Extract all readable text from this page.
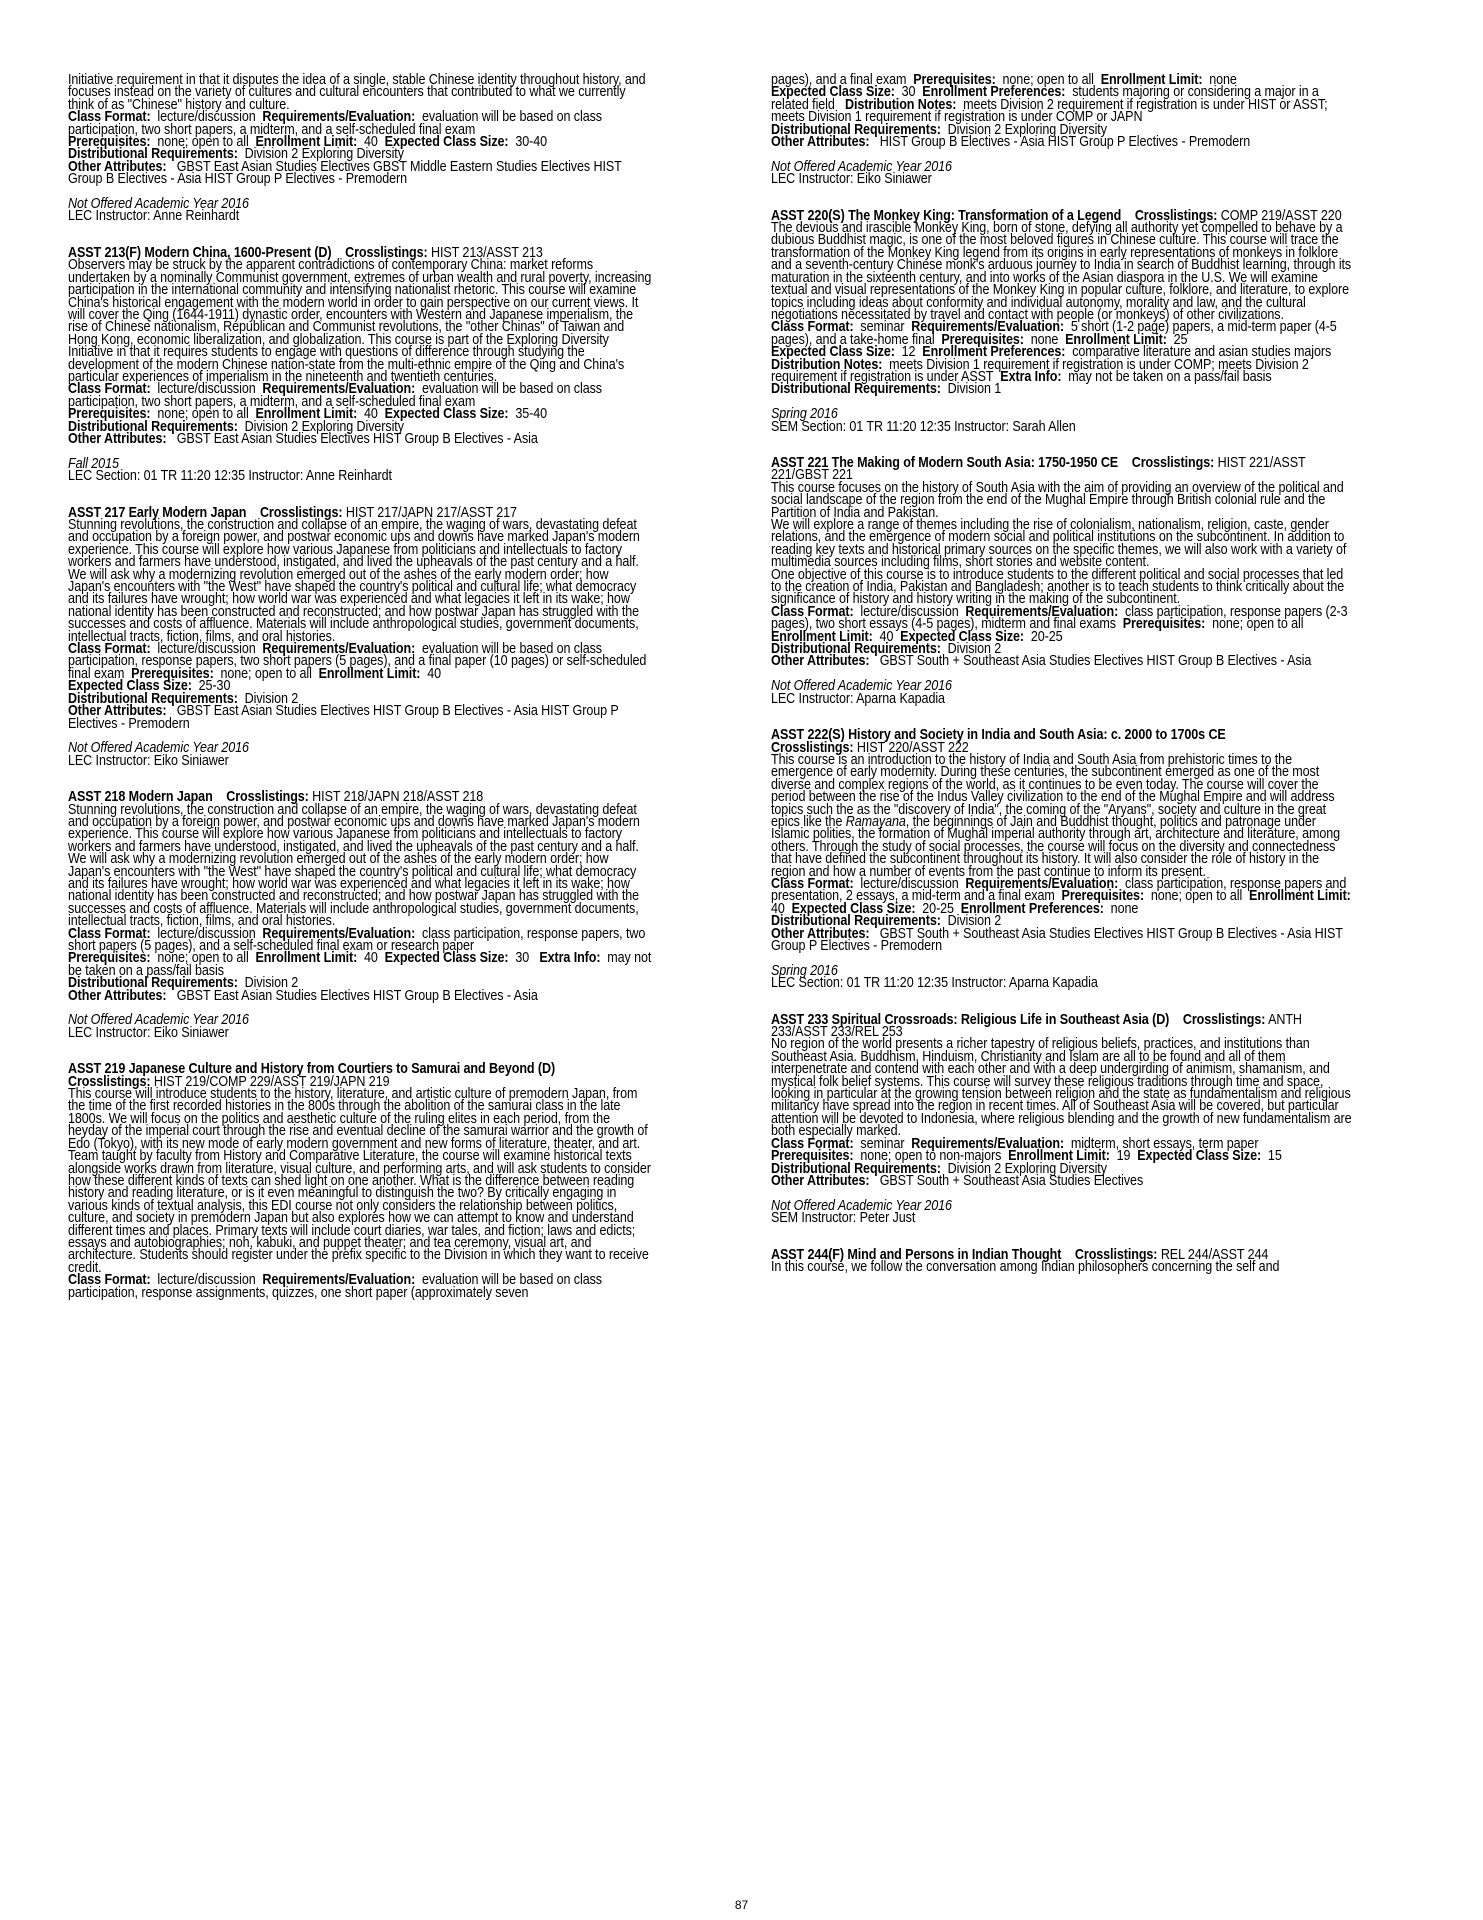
Initiative requirement in that it disputes the idea of a single, stable Chinese identity throughout history, and focuses instead on the variety of cultures and cultural encounters that contributed to what we currently think of as "Chinese" history and culture.

Class Format: lecture/discussion Requirements/Evaluation: evaluation will be based on class participation, two short papers, a midterm, and a self-scheduled final exam
Prerequisites: none; open to all Enrollment Limit: 40 Expected Class Size: 30-40
Distributional Requirements: Division 2 Exploring Diversity
Other Attributes: GBST East Asian Studies Electives GBST Middle Eastern Studies Electives HIST Group B Electives - Asia HIST Group P Electives - Premodern

Not Offered Academic Year 2016
LEC Instructor: Anne Reinhardt
ASST 213(F) Modern China, 1600-Present (D) Crosslistings: HIST 213/ASST 213

Observers may be struck by the apparent contradictions of contemporary China: market reforms undertaken by a nominally Communist government, extremes of urban wealth and rural poverty, increasing participation in the international community and intensifying nationalist rhetoric. This course will examine China's historical engagement with the modern world in order to gain perspective on our current views. It will cover the Qing (1644-1911) dynastic order, encounters with Western and Japanese imperialism, the rise of Chinese nationalism, Republican and Communist revolutions, the "other Chinas" of Taiwan and Hong Kong, economic liberalization, and globalization. This course is part of the Exploring Diversity Initiative in that it requires students to engage with questions of difference through studying the development of the modern Chinese nation-state from the multi-ethnic empire of the Qing and China's particular experiences of imperialism in the nineteenth and twentieth centuries.

Class Format: lecture/discussion Requirements/Evaluation: evaluation will be based on class participation, two short papers, a midterm, and a self-scheduled final exam
Prerequisites: none; open to all Enrollment Limit: 40 Expected Class Size: 35-40
Distributional Requirements: Division 2 Exploring Diversity
Other Attributes: GBST East Asian Studies Electives HIST Group B Electives - Asia

Fall 2015
LEC Section: 01 TR 11:20 12:35 Instructor: Anne Reinhardt
ASST 217 Early Modern Japan Crosslistings: HIST 217/JAPN 217/ASST 217

Stunning revolutions, the construction and collapse of an empire, the waging of wars, devastating defeat and occupation by a foreign power, and postwar economic ups and downs have marked Japan's modern experience. This course will explore how various Japanese from politicians and intellectuals to factory workers and farmers have understood, instigated, and lived the upheavals of the past century and a half. We will ask why a modernizing revolution emerged out of the ashes of the early modern order; how Japan's encounters with "the West" have shaped the country's political and cultural life; what democracy and its failures have wrought; how world war was experienced and what legacies it left in its wake; how national identity has been constructed and reconstructed; and how postwar Japan has struggled with the successes and costs of affluence. Materials will include anthropological studies, government documents, intellectual tracts, fiction, films, and oral histories.

Class Format: lecture/discussion Requirements/Evaluation: evaluation will be based on class participation, response papers, two short papers (5 pages), and a final paper (10 pages) or self-scheduled final exam Prerequisites: none; open to all Enrollment Limit: 40
Expected Class Size: 25-30
Distributional Requirements: Division 2
Other Attributes: GBST East Asian Studies Electives HIST Group B Electives - Asia HIST Group P Electives - Premodern

Not Offered Academic Year 2016
LEC Instructor: Eiko Siniawer
ASST 218 Modern Japan Crosslistings: HIST 218/JAPN 218/ASST 218

Stunning revolutions, the construction and collapse of an empire, the waging of wars, devastating defeat and occupation by a foreign power, and postwar economic ups and downs have marked Japan's modern experience. This course will explore how various Japanese from politicians and intellectuals to factory workers and farmers have understood, instigated, and lived the upheavals of the past century and a half. We will ask why a modernizing revolution emerged out of the ashes of the early modern order; how Japan's encounters with "the West" have shaped the country's political and cultural life; what democracy and its failures have wrought; how world war was experienced and what legacies it left in its wake; how national identity has been constructed and reconstructed; and how postwar Japan has struggled with the successes and costs of affluence. Materials will include anthropological studies, government documents, intellectual tracts, fiction, films, and oral histories.

Class Format: lecture/discussion Requirements/Evaluation: class participation, response papers, two short papers (5 pages), and a self-scheduled final exam or research paper
Prerequisites: none; open to all Enrollment Limit: 40 Expected Class Size: 30 Extra Info: may not be taken on a pass/fail basis
Distributional Requirements: Division 2
Other Attributes: GBST East Asian Studies Electives HIST Group B Electives - Asia

Not Offered Academic Year 2016
LEC Instructor: Eiko Siniawer
ASST 219 Japanese Culture and History from Courtiers to Samurai and Beyond (D)
Crosslistings: HIST 219/COMP 229/ASST 219/JAPN 219

This course will introduce students to the history, literature, and artistic culture of premodern Japan, from the time of the first recorded histories in the 800s through the abolition of the samurai class in the late 1800s. We will focus on the politics and aesthetic culture of the ruling elites in each period, from the heyday of the imperial court through the rise and eventual decline of the samurai warrior and the growth of Edo (Tokyo), with its new mode of early modern government and new forms of literature, theater, and art. Team taught by faculty from History and Comparative Literature, the course will examine historical texts alongside works drawn from literature, visual culture, and performing arts, and will ask students to consider how these different kinds of texts can shed light on one another. What is the difference between reading history and reading literature, or is it even meaningful to distinguish the two? By critically engaging in various kinds of textual analysis, this EDI course not only considers the relationship between politics, culture, and society in premodern Japan but also explores how we can attempt to know and understand different times and places. Primary texts will include court diaries, war tales, and fiction; laws and edicts; essays and autobiographies; noh, kabuki, and puppet theater; and tea ceremony, visual art, and architecture. Students should register under the prefix specific to the Division in which they want to receive credit.

Class Format: lecture/discussion Requirements/Evaluation: evaluation will be based on class participation, response assignments, quizzes, one short paper (approximately seven
pages), and a final exam Prerequisites: none; open to all Enrollment Limit: none
Expected Class Size: 30 Enrollment Preferences: students majoring or considering a major in a related field Distribution Notes: meets Division 2 requirement if registration is under HIST or ASST; meets Division 1 requirement if registration is under COMP or JAPN
Distributional Requirements: Division 2 Exploring Diversity
Other Attributes: HIST Group B Electives - Asia HIST Group P Electives - Premodern

Not Offered Academic Year 2016
LEC Instructor: Eiko Siniawer
ASST 220(S) The Monkey King: Transformation of a Legend Crosslistings: COMP 219/ASST 220

The devious and irascible Monkey King, born of stone, defying all authority yet compelled to behave by a dubious Buddhist magic, is one of the most beloved figures in Chinese culture. This course will trace the transformation of the Monkey King legend from its origins in early representations of monkeys in folklore and a seventh-century Chinese monk's arduous journey to India in search of Buddhist learning, through its maturation in the sixteenth century, and into works of the Asian diaspora in the U.S. We will examine textual and visual representations of the Monkey King in popular culture, folklore, and literature, to explore topics including ideas about conformity and individual autonomy, morality and law, and the cultural negotiations necessitated by travel and contact with people (or monkeys) of other civilizations.

Class Format: seminar Requirements/Evaluation: 5 short (1-2 page) papers, a mid-term paper (4-5 pages), and a take-home final Prerequisites: none Enrollment Limit: 25
Expected Class Size: 12 Enrollment Preferences: comparative literature and asian studies majors   Distribution Notes: meets Division 1 requirement if registration is under COMP; meets Division 2 requirement if registration is under ASST Extra Info: may not be taken on a pass/fail basis
Distributional Requirements: Division 1

Spring 2016
SEM Section: 01 TR 11:20 12:35 Instructor: Sarah Allen
ASST 221 The Making of Modern South Asia: 1750-1950 CE Crosslistings: HIST 221/ASST 221/GBST 221

This course focuses on the history of South Asia with the aim of providing an overview of the political and social landscape of the region from the end of the Mughal Empire through British colonial rule and the Partition of India and Pakistan.
We will explore a range of themes including the rise of colonialism, nationalism, religion, caste, gender relations, and the emergence of modern social and political institutions on the subcontinent. In addition to reading key texts and historical primary sources on the specific themes, we will also work with a variety of multimedia sources including films, short stories and website content.
One objective of this course is to introduce students to the different political and social processes that led to the creation of India, Pakistan and Bangladesh; another is to teach students to think critically about the significance of history and history writing in the making of the subcontinent.

Class Format: lecture/discussion Requirements/Evaluation: class participation, response papers (2-3 pages), two short essays (4-5 pages), midterm and final exams Prerequisites: none; open to all  Enrollment Limit: 40 Expected Class Size: 20-25
Distributional Requirements: Division 2
Other Attributes: GBST South + Southeast Asia Studies Electives HIST Group B Electives - Asia

Not Offered Academic Year 2016
LEC Instructor: Aparna Kapadia
ASST 222(S) History and Society in India and South Asia: c. 2000 to 1700s CE
Crosslistings: HIST 220/ASST 222

This course is an introduction to the history of India and South Asia from prehistoric times to the emergence of early modernity. During these centuries, the subcontinent emerged as one of the most diverse and complex regions of the world, as it continues to be even today. The course will cover the period between the rise of the Indus Valley civilization to the end of the Mughal Empire and will address topics such the as the "discovery of India", the coming of the "Aryans", society and culture in the great epics like the Ramayana, the beginnings of Jain and Buddhist thought, politics and patronage under Islamic polities, the formation of Mughal imperial authority through art, architecture and literature, among others. Through the study of social processes, the course will focus on the diversity and connectedness that have defined the subcontinent throughout its history. It will also consider the role of history in the region and how a number of events from the past continue to inform its present.

Class Format: lecture/discussion Requirements/Evaluation: class participation, response papers and presentation, 2 essays, a mid-term and a final exam Prerequisites: none; open to all Enrollment Limit:  40 Expected Class Size: 20-25 Enrollment Preferences: none
Distributional Requirements: Division 2
Other Attributes: GBST South + Southeast Asia Studies Electives HIST Group B Electives - Asia HIST Group P Electives - Premodern

Spring 2016
LEC Section: 01 TR 11:20 12:35 Instructor: Aparna Kapadia
ASST 233 Spiritual Crossroads: Religious Life in Southeast Asia (D) Crosslistings: ANTH 233/ASST 233/REL 253

No region of the world presents a richer tapestry of religious beliefs, practices, and institutions than Southeast Asia. Buddhism, Hinduism, Christianity and Islam are all to be found and all of them interpenetrate and contend with each other and with a deep undergirding of animism, shamanism, and mystical folk belief systems. This course will survey these religious traditions through time and space, looking in particular at the growing tension between religion and the state as fundamentalism and religious militancy have spread into the region in recent times. All of Southeast Asia will be covered, but particular attention will be devoted to Indonesia, where religious blending and the growth of new fundamentalism are both especially marked.

Class Format: seminar Requirements/Evaluation: midterm, short essays, term paper
Prerequisites: none; open to non-majors Enrollment Limit: 19 Expected Class Size: 15
Distributional Requirements: Division 2 Exploring Diversity
Other Attributes: GBST South + Southeast Asia Studies Electives

Not Offered Academic Year 2016
SEM Instructor: Peter Just
ASST 244(F) Mind and Persons in Indian Thought Crosslistings: REL 244/ASST 244

In this course, we follow the conversation among Indian philosophers concerning the self and

87
